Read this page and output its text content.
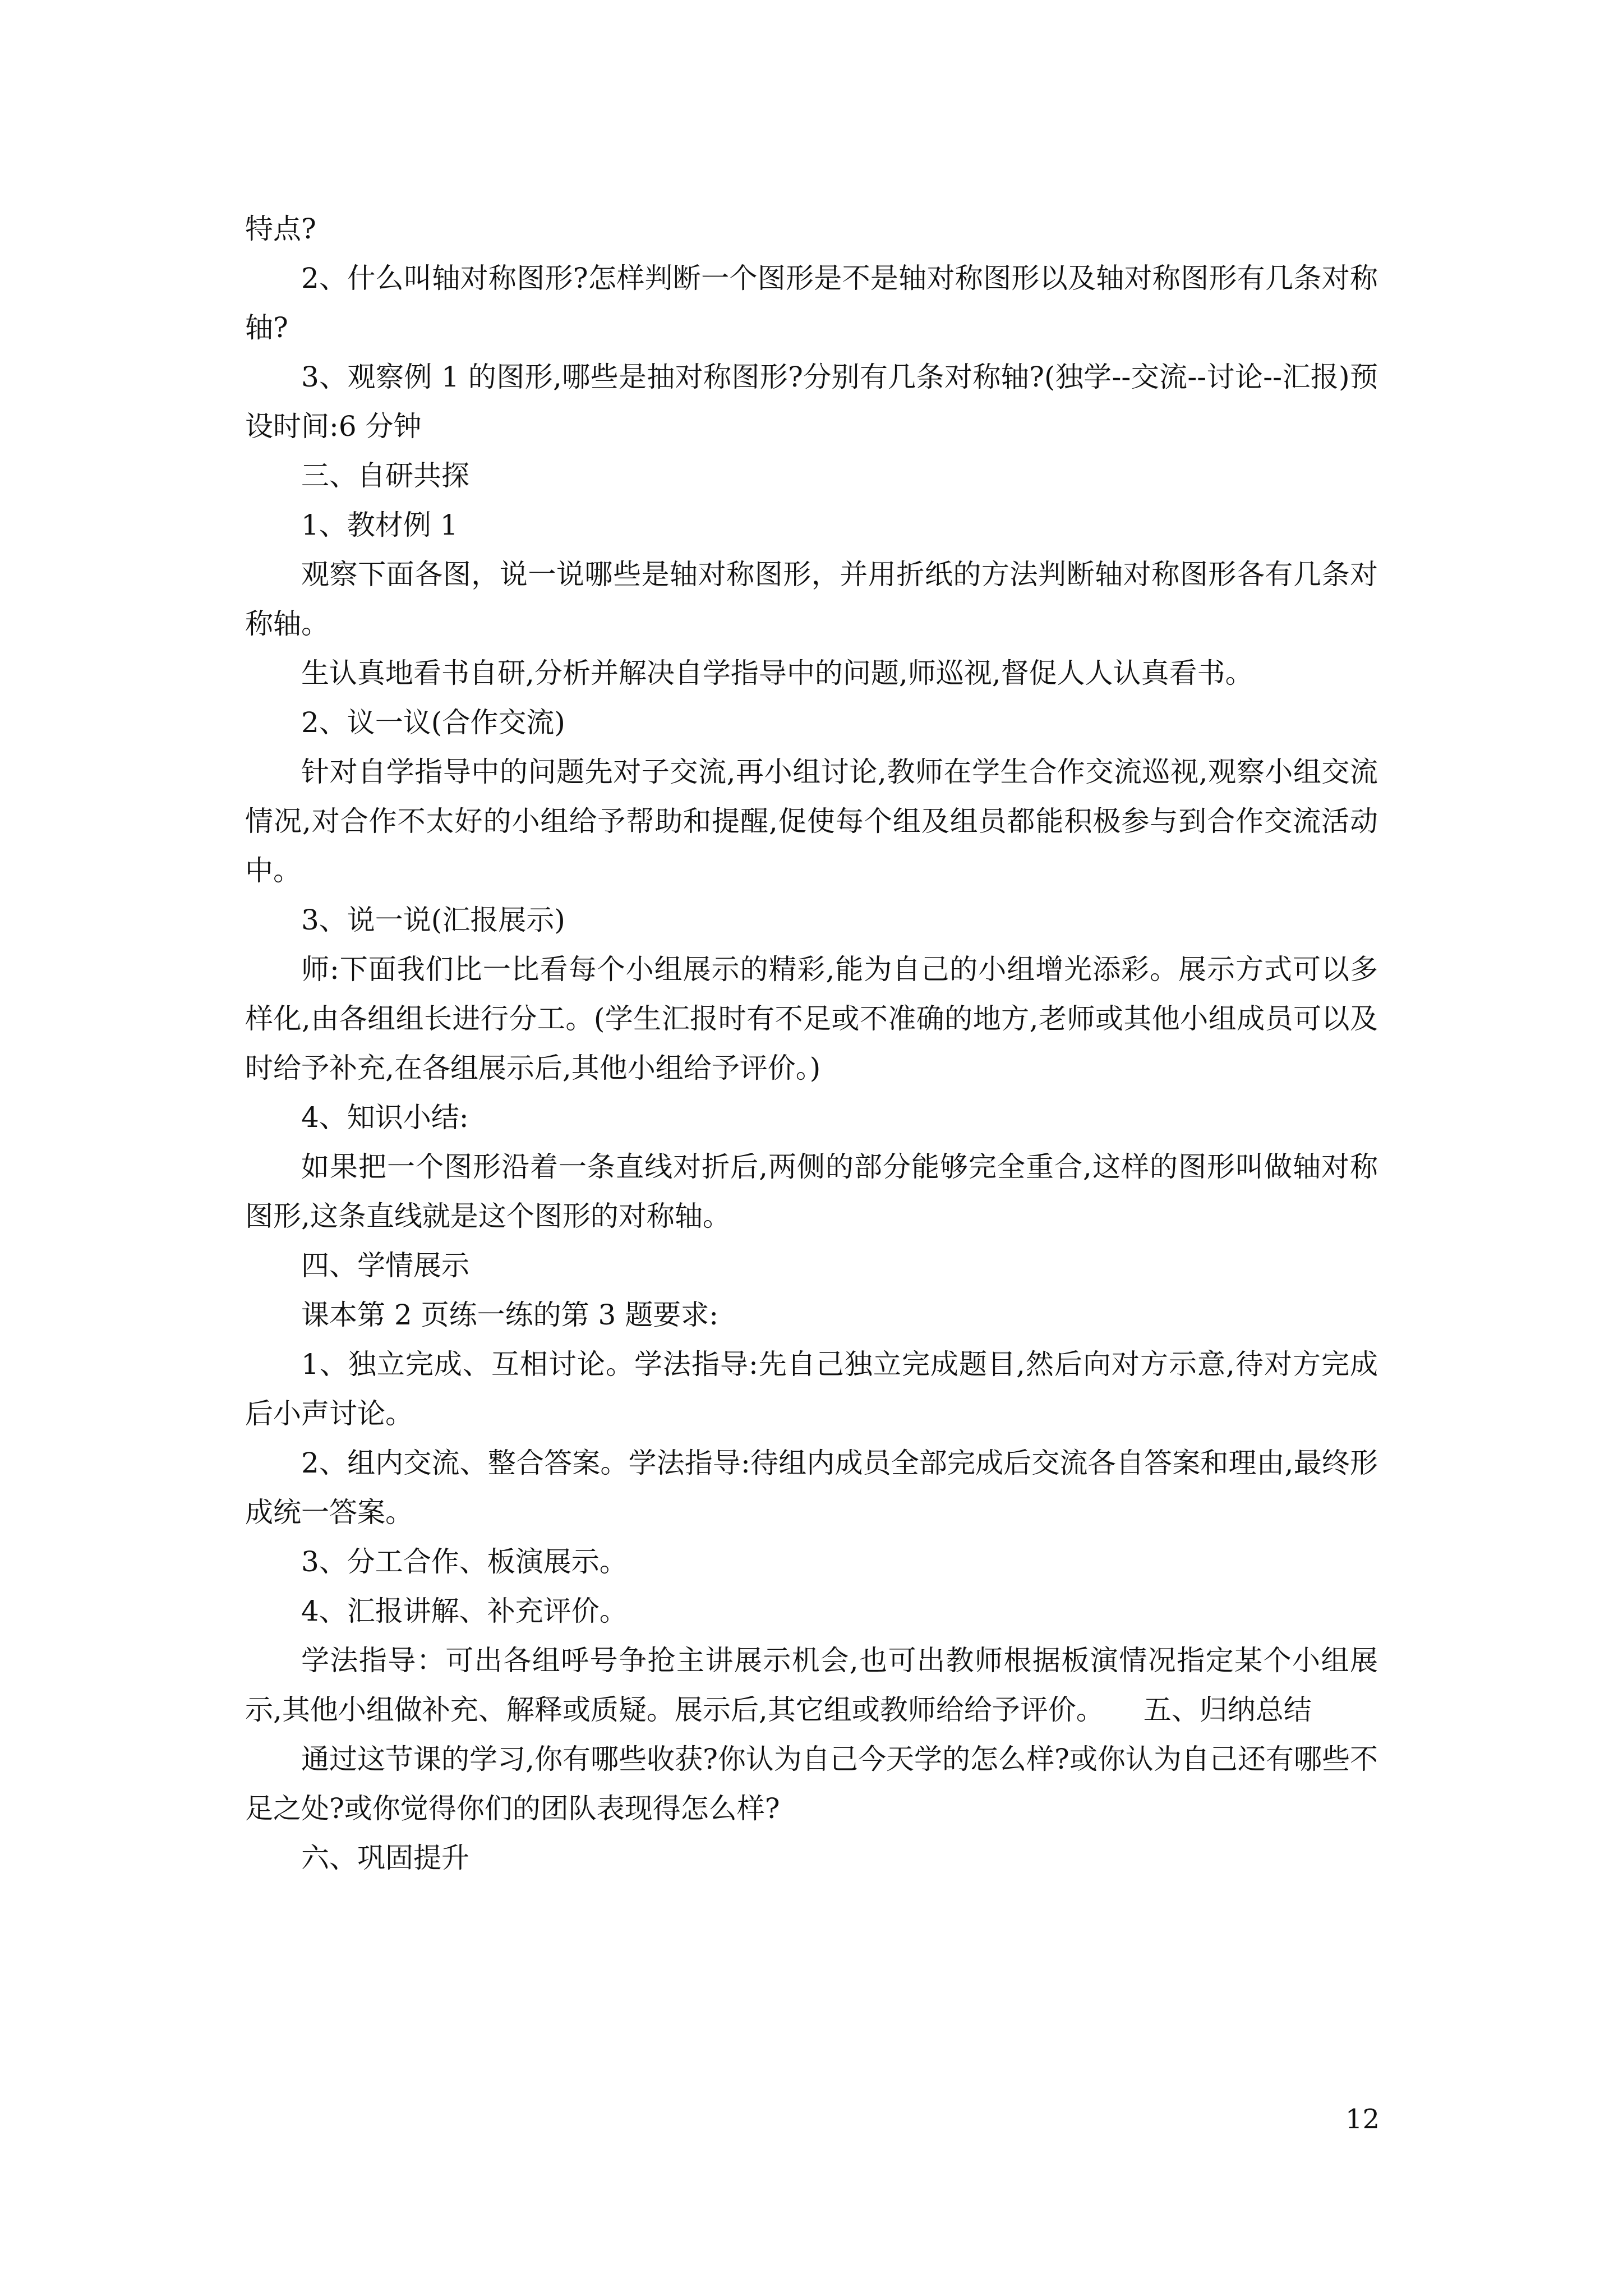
特点?

2、什么叫轴对称图形?怎样判断一个图形是不是轴对称图形以及轴对称图形有几条对称轴?

3、观察例 1 的图形,哪些是抽对称图形?分别有几条对称轴?(独学--交流--讨论--汇报)预设时间:6 分钟

三、自研共探

1、教材例 1

观察下面各图，说一说哪些是轴对称图形，并用折纸的方法判断轴对称图形各有几条对称轴。

生认真地看书自研,分析并解决自学指导中的问题,师巡视,督促人人认真看书。

2、议一议(合作交流)

针对自学指导中的问题先对子交流,再小组讨论,教师在学生合作交流巡视,观察小组交流情况,对合作不太好的小组给予帮助和提醒,促使每个组及组员都能积极参与到合作交流活动中。

3、说一说(汇报展示)

师:下面我们比一比看每个小组展示的精彩,能为自己的小组增光添彩。展示方式可以多样化,由各组组长进行分工。(学生汇报时有不足或不准确的地方,老师或其他小组成员可以及时给予补充,在各组展示后,其他小组给予评价。)

4、知识小结:

如果把一个图形沿着一条直线对折后,两侧的部分能够完全重合,这样的图形叫做轴对称图形,这条直线就是这个图形的对称轴。

四、学情展示

课本第 2 页练一练的第 3 题要求:

1、独立完成、互相讨论。学法指导:先自己独立完成题目,然后向对方示意,待对方完成后小声讨论。

2、组内交流、整合答案。学法指导:待组内成员全部完成后交流各自答案和理由,最终形成统一答案。

3、分工合作、板演展示。

4、汇报讲解、补充评价。

学法指导：可出各组呼号争抢主讲展示机会,也可出教师根据板演情况指定某个小组展示,其他小组做补充、解释或质疑。展示后,其它组或教师给给予评价。 五、归纳总结

通过这节课的学习,你有哪些收获?你认为自己今天学的怎么样?或你认为自己还有哪些不足之处?或你觉得你们的团队表现得怎么样?

六、巩固提升

12
